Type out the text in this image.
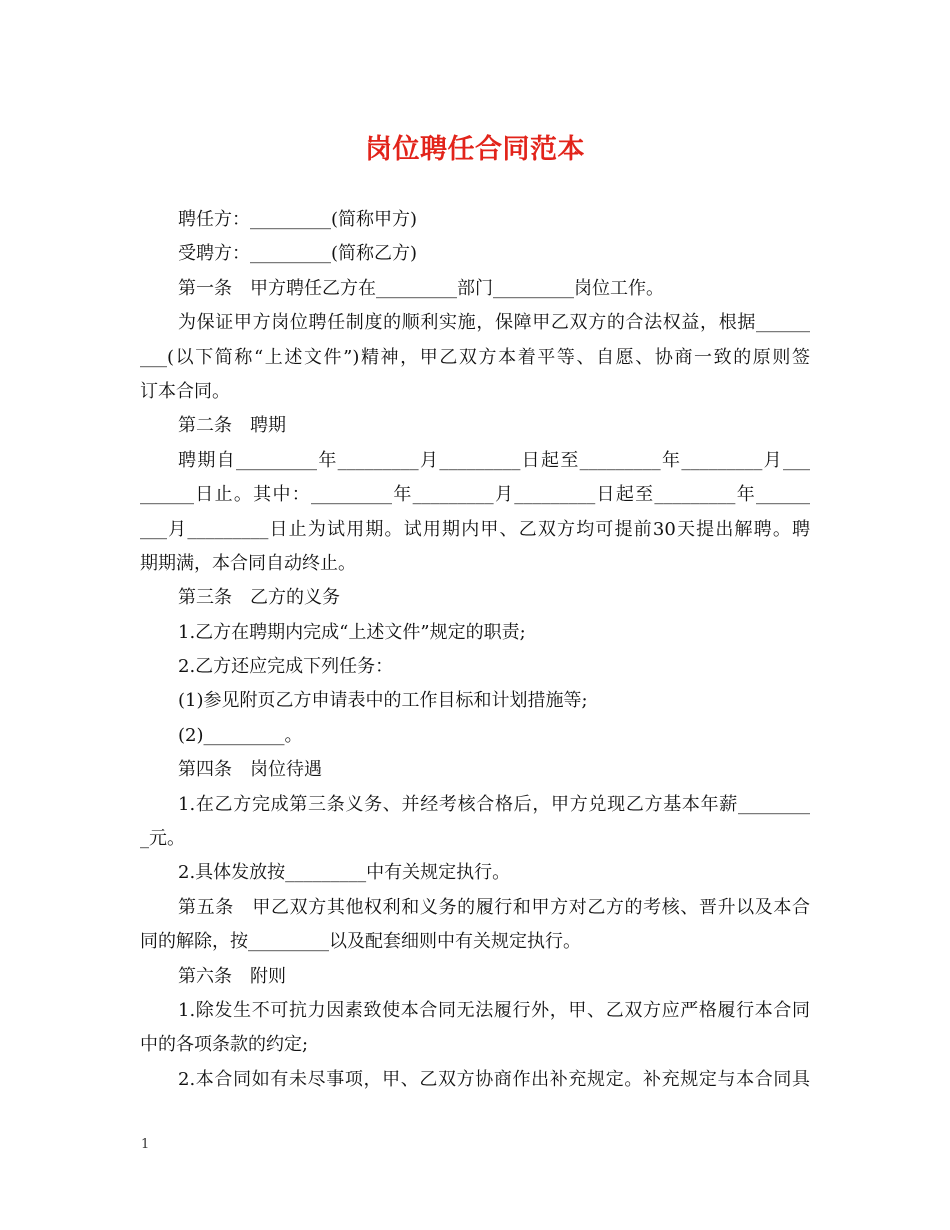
岗位聘任合同范本
聘任方：_________(简称甲方)
受聘方：_________(简称乙方)
第一条　甲方聘任乙方在_________部门_________岗位工作。
为保证甲方岗位聘任制度的顺利实施，保障甲乙双方的合法权益，根据______
___(以下简称“上述文件”)精神，甲乙双方本着平等、自愿、协商一致的原则签
订本合同。
第二条　聘期
聘期自_________年_________月_________日起至_________年_________月___
______日止。其中：_________年_________月_________日起至_________年______
___月_________日止为试用期。试用期内甲、乙双方均可提前30天提出解聘。聘
期期满，本合同自动终止。
第三条　乙方的义务
1.乙方在聘期内完成“上述文件”规定的职责;
2.乙方还应完成下列任务：
(1)参见附页乙方申请表中的工作目标和计划措施等;
(2)_________。
第四条　岗位待遇
1.在乙方完成第三条义务、并经考核合格后，甲方兑现乙方基本年薪________
_元。
2.具体发放按_________中有关规定执行。
第五条　甲乙双方其他权利和义务的履行和甲方对乙方的考核、晋升以及本合
同的解除，按_________以及配套细则中有关规定执行。
第六条　附则
1.除发生不可抗力因素致使本合同无法履行外，甲、乙双方应严格履行本合同
中的各项条款的约定;
2.本合同如有未尽事项，甲、乙双方协商作出补充规定。补充规定与本合同具
1
